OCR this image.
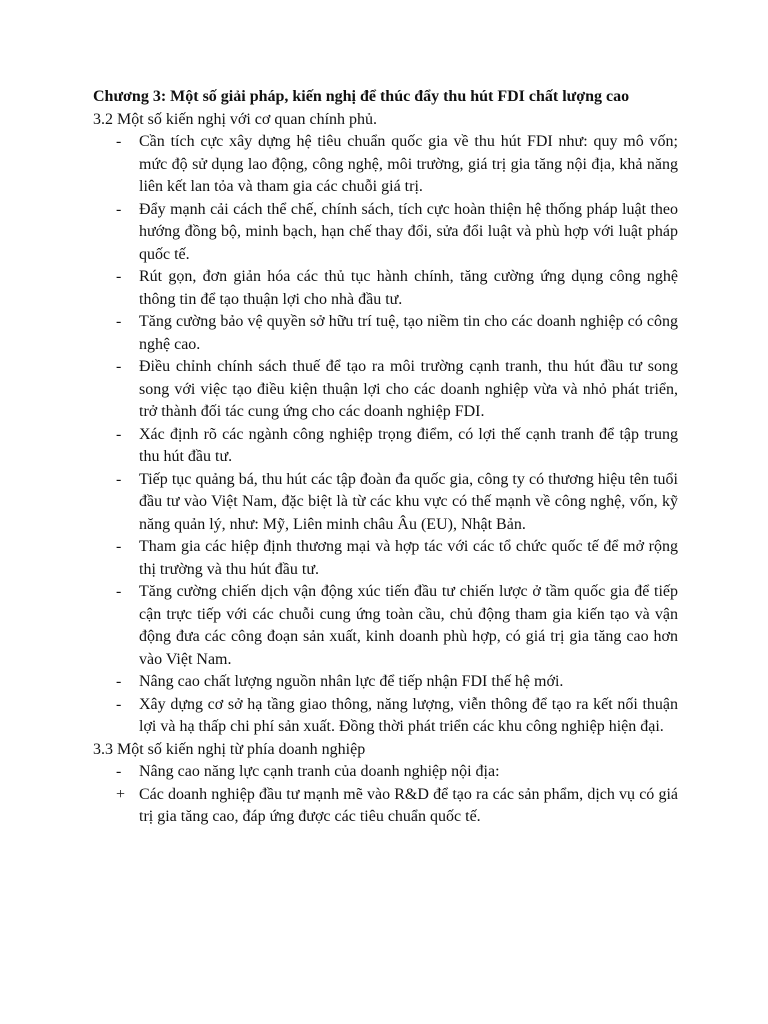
Chương 3: Một số giải pháp, kiến nghị để thúc đẩy thu hút FDI chất lượng cao

3.2 Một số kiến nghị với cơ quan chính phủ.

- Cần tích cực xây dựng hệ tiêu chuẩn quốc gia về thu hút FDI như: quy mô vốn; mức độ sử dụng lao động, công nghệ, môi trường, giá trị gia tăng nội địa, khả năng liên kết lan tỏa và tham gia các chuỗi giá trị.
- Đẩy mạnh cải cách thể chế, chính sách, tích cực hoàn thiện hệ thống pháp luật theo hướng đồng bộ, minh bạch, hạn chế thay đổi, sửa đổi luật và phù hợp với luật pháp quốc tế.
- Rút gọn, đơn giản hóa các thủ tục hành chính, tăng cường ứng dụng công nghệ thông tin để tạo thuận lợi cho nhà đầu tư.
- Tăng cường bảo vệ quyền sở hữu trí tuệ, tạo niềm tin cho các doanh nghiệp có công nghệ cao.
- Điều chỉnh chính sách thuế để tạo ra môi trường cạnh tranh, thu hút đầu tư song song với việc tạo điều kiện thuận lợi cho các doanh nghiệp vừa và nhỏ phát triển, trở thành đối tác cung ứng cho các doanh nghiệp FDI.
- Xác định rõ các ngành công nghiệp trọng điểm, có lợi thế cạnh tranh để tập trung thu hút đầu tư.
- Tiếp tục quảng bá, thu hút các tập đoàn đa quốc gia, công ty có thương hiệu tên tuổi đầu tư vào Việt Nam, đặc biệt là từ các khu vực có thế mạnh về công nghệ, vốn, kỹ năng quản lý, như: Mỹ, Liên minh châu Âu (EU), Nhật Bản.
- Tham gia các hiệp định thương mại và hợp tác với các tổ chức quốc tế để mở rộng thị trường và thu hút đầu tư.
- Tăng cường chiến dịch vận động xúc tiến đầu tư chiến lược ở tầm quốc gia để tiếp cận trực tiếp với các chuỗi cung ứng toàn cầu, chủ động tham gia kiến tạo và vận động đưa các công đoạn sản xuất, kinh doanh phù hợp, có giá trị gia tăng cao hơn vào Việt Nam.
- Nâng cao chất lượng nguồn nhân lực để tiếp nhận FDI thế hệ mới.
- Xây dựng cơ sở hạ tầng giao thông, năng lượng, viễn thông để tạo ra kết nối thuận lợi và hạ thấp chi phí sản xuất. Đồng thời phát triển các khu công nghiệp hiện đại.

3.3 Một số kiến nghị từ phía doanh nghiệp

- Nâng cao năng lực cạnh tranh của doanh nghiệp nội địa:
+ Các doanh nghiệp đầu tư mạnh mẽ vào R&D để tạo ra các sản phẩm, dịch vụ có giá trị gia tăng cao, đáp ứng được các tiêu chuẩn quốc tế.
